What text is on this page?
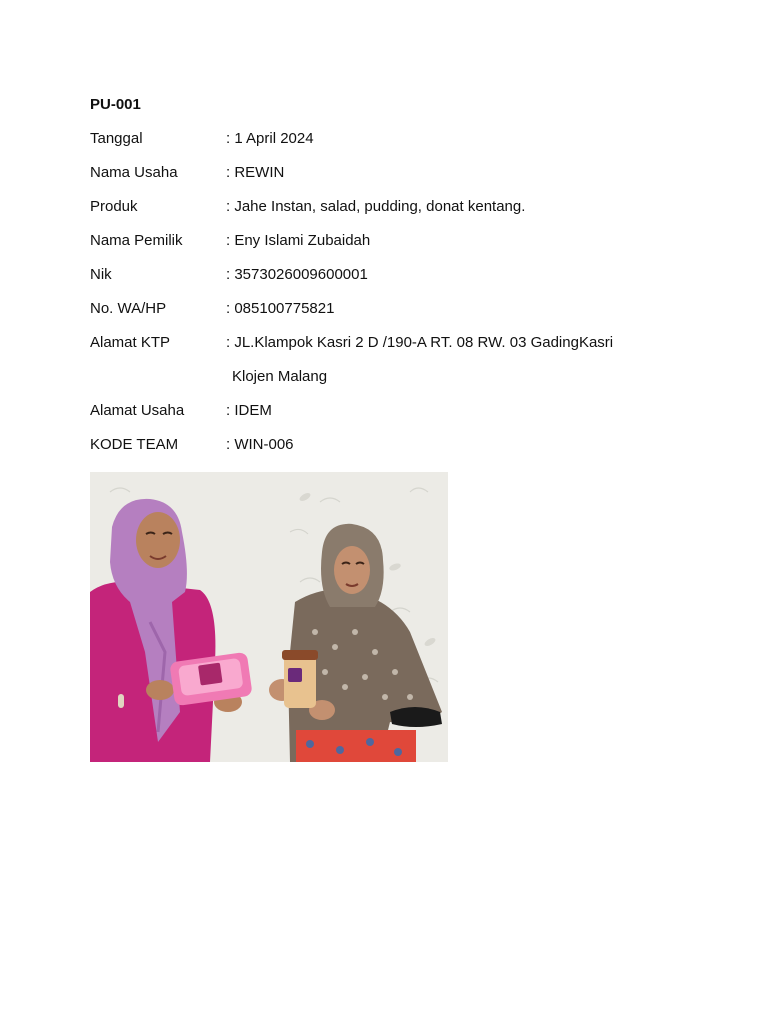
PU-001
Tanggal	: 1 April 2024
Nama Usaha	: REWIN
Produk	: Jahe Instan, salad, pudding, donat kentang.
Nama Pemilik	: Eny Islami Zubaidah
Nik	: 3573026009600001
No. WA/HP	: 085100775821
Alamat KTP	: JL.Klampok Kasri 2 D /190-A RT. 08 RW. 03 GadingKasri
Klojen Malang
Alamat Usaha	: IDEM
KODE TEAM	: WIN-006
